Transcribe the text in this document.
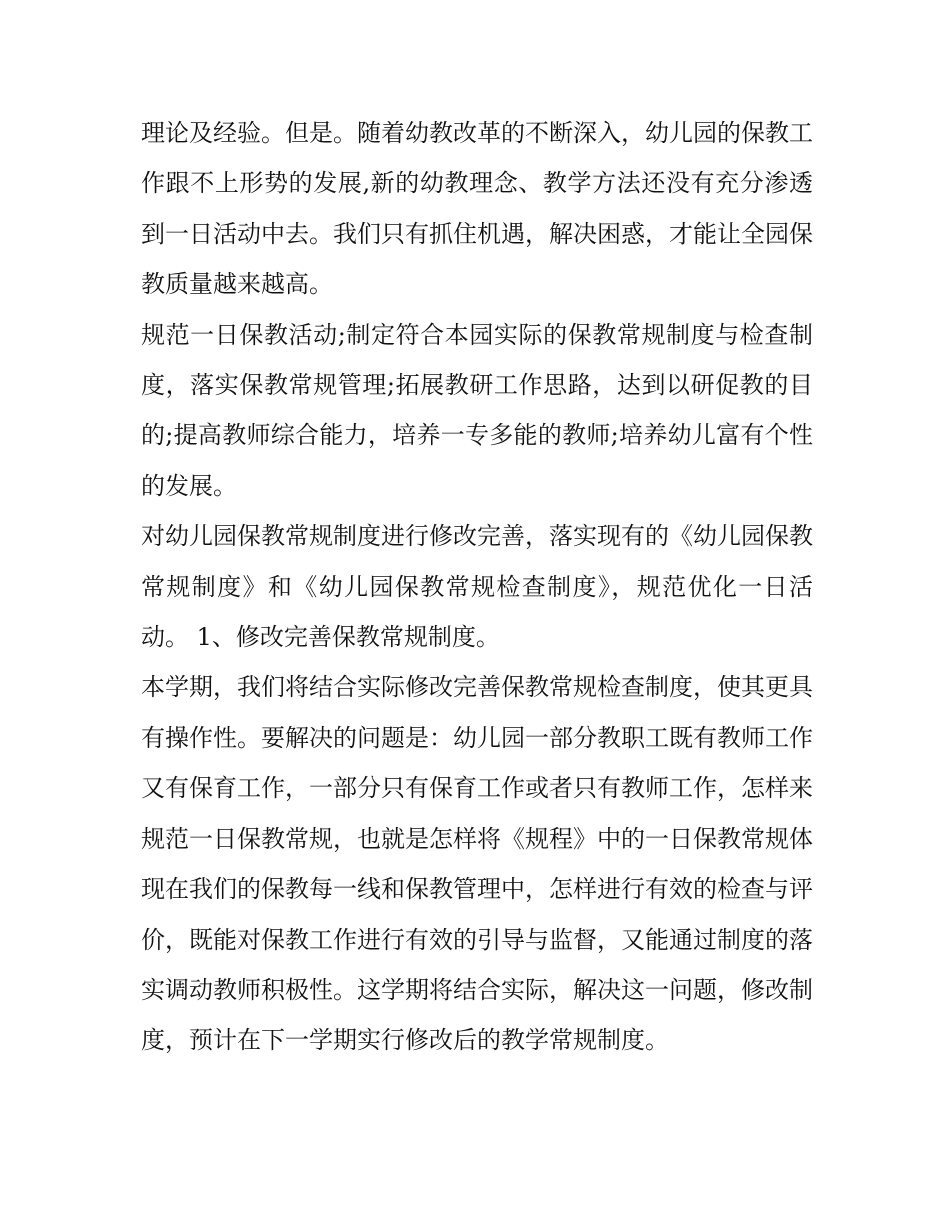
理论及经验。但是。随着幼教改革的不断深入，幼儿园的保教工作跟不上形势的发展,新的幼教理念、教学方法还没有充分渗透到一日活动中去。我们只有抓住机遇，解决困惑，才能让全园保教质量越来越高。

规范一日保教活动;制定符合本园实际的保教常规制度与检查制度，落实保教常规管理;拓展教研工作思路，达到以研促教的目的;提高教师综合能力，培养一专多能的教师;培养幼儿富有个性的发展。

对幼儿园保教常规制度进行修改完善，落实现有的《幼儿园保教常规制度》和《幼儿园保教常规检查制度》，规范优化一日活动。 1、修改完善保教常规制度。

本学期，我们将结合实际修改完善保教常规检查制度，使其更具有操作性。要解决的问题是：幼儿园一部分教职工既有教师工作又有保育工作，一部分只有保育工作或者只有教师工作，怎样来规范一日保教常规，也就是怎样将《规程》中的一日保教常规体现在我们的保教每一线和保教管理中，怎样进行有效的检查与评价，既能对保教工作进行有效的引导与监督，又能通过制度的落实调动教师积极性。这学期将结合实际，解决这一问题，修改制度，预计在下一学期实行修改后的教学常规制度。
